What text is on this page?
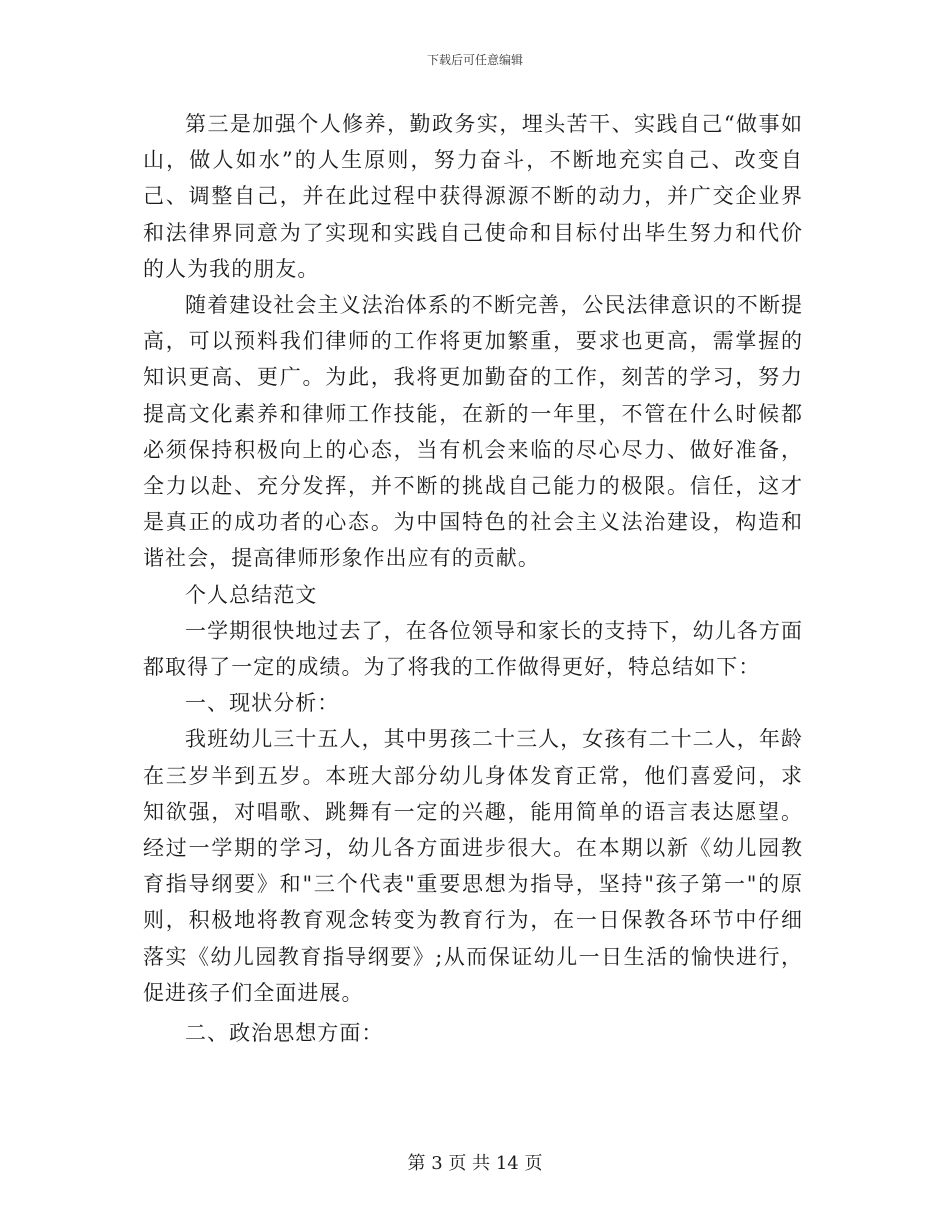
下载后可任意编辑

第三是加强个人修养，勤政务实，埋头苦干、实践自己“做事如山，做人如水”的人生原则，努力奋斗，不断地充实自己、改变自己、调整自己，并在此过程中获得源源不断的动力，并广交企业界和法律界同意为了实现和实践自己使命和目标付出毕生努力和代价的人为我的朋友。

随着建设社会主义法治体系的不断完善，公民法律意识的不断提高，可以预料我们律师的工作将更加繁重，要求也更高，需掌握的知识更高、更广。为此，我将更加勤奋的工作，刻苦的学习，努力提高文化素养和律师工作技能，在新的一年里，不管在什么时候都必须保持积极向上的心态，当有机会来临的尽心尽力、做好准备，全力以赴、充分发挥，并不断的挑战自己能力的极限。信任，这才是真正的成功者的心态。为中国特色的社会主义法治建设，构造和谐社会，提高律师形象作出应有的贡献。

个人总结范文

一学期很快地过去了，在各位领导和家长的支持下，幼儿各方面都取得了一定的成绩。为了将我的工作做得更好，特总结如下：

一、现状分析：

我班幼儿三十五人，其中男孩二十三人，女孩有二十二人，年龄在三岁半到五岁。本班大部分幼儿身体发育正常，他们喜爱问，求知欲强，对唱歌、跳舞有一定的兴趣，能用简单的语言表达愿望。经过一学期的学习，幼儿各方面进步很大。在本期以新《幼儿园教育指导纲要》和"三个代表"重要思想为指导，坚持"孩子第一"的原则，积极地将教育观念转变为教育行为，在一日保教各环节中仔细落实《幼儿园教育指导纲要》;从而保证幼儿一日生活的愉快进行，促进孩子们全面进展。

二、政治思想方面：

第 3 页 共 14 页
